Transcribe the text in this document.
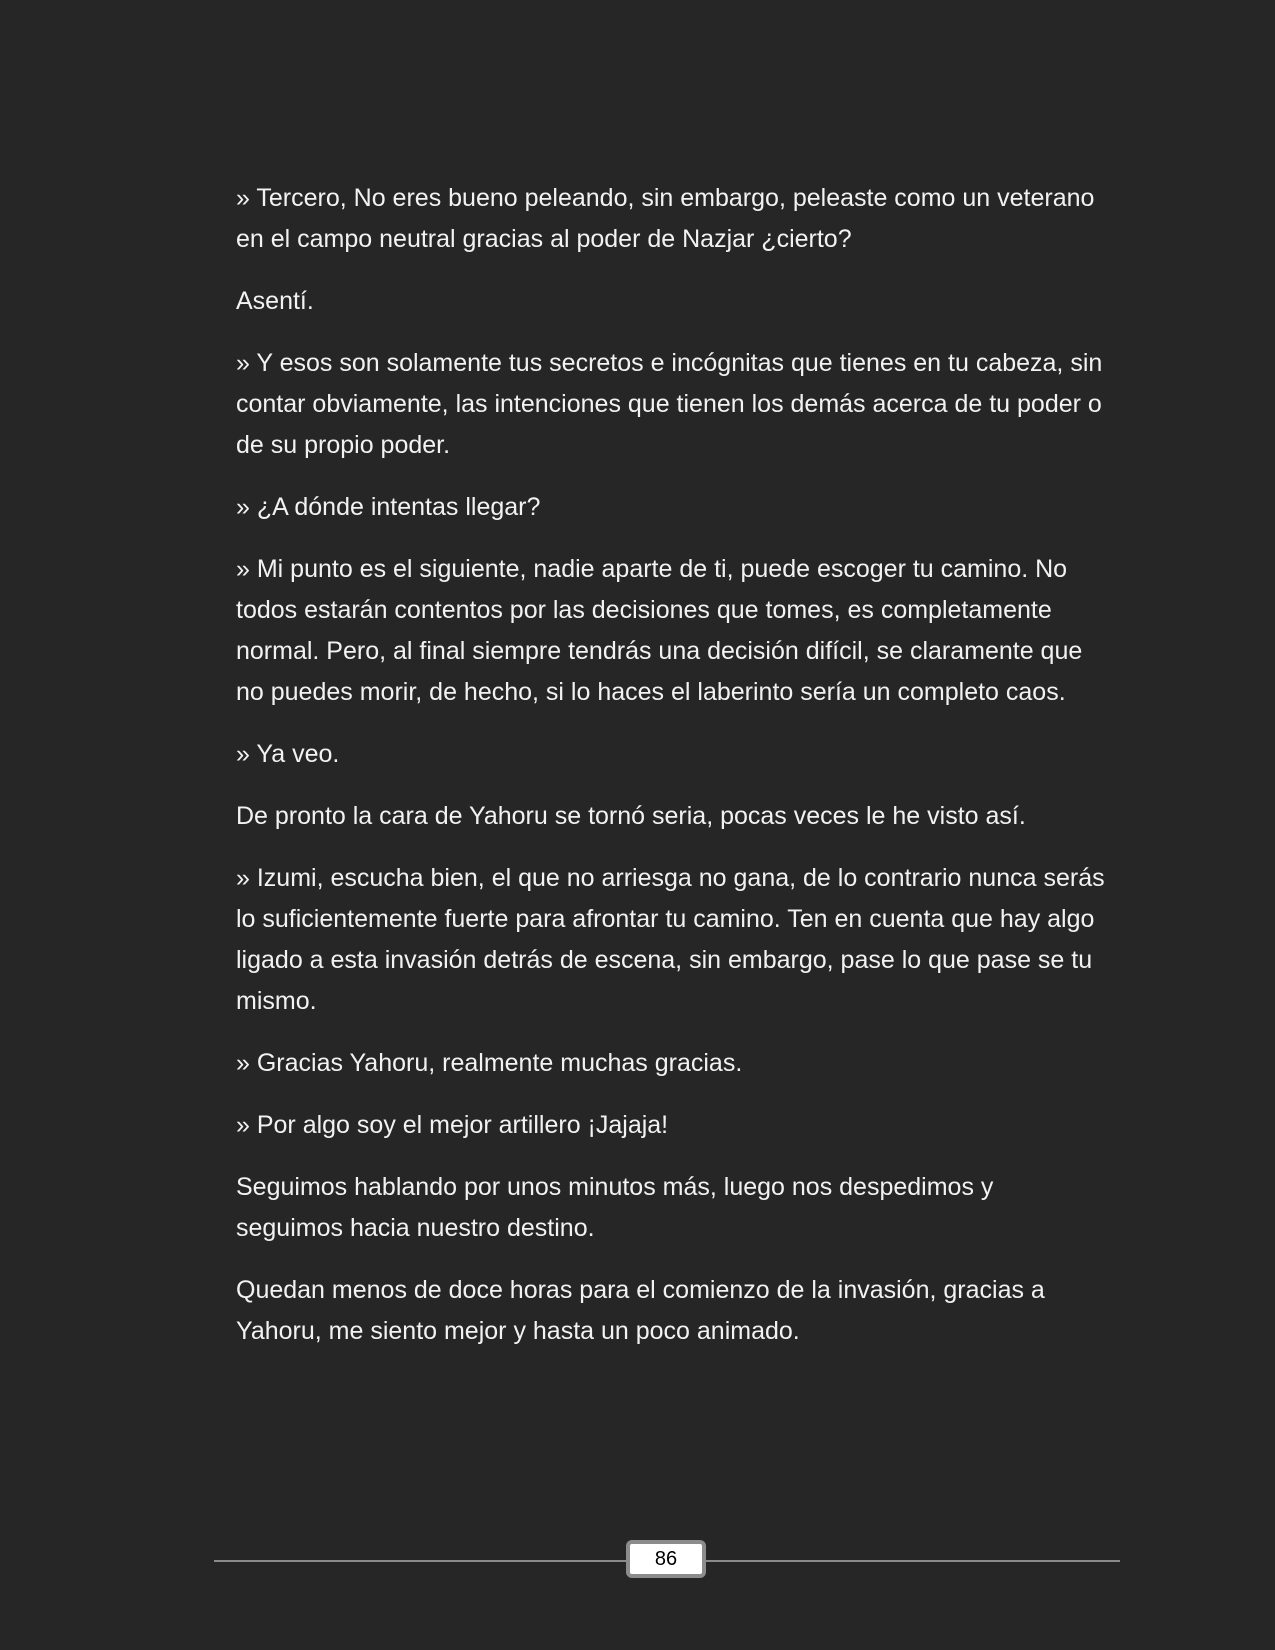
» Tercero, No eres bueno peleando, sin embargo, peleaste como un veterano en el campo neutral gracias al poder de Nazjar ¿cierto?

Asentí.

» Y esos son solamente tus secretos e incógnitas que tienes en tu cabeza, sin contar obviamente, las intenciones que tienen los demás acerca de tu poder o de su propio poder.

» ¿A dónde intentas llegar?

» Mi punto es el siguiente, nadie aparte de ti, puede escoger tu camino. No todos estarán contentos por las decisiones que tomes, es completamente normal. Pero, al final siempre tendrás una decisión difícil, se claramente que no puedes morir, de hecho, si lo haces el laberinto sería un completo caos.

» Ya veo.

De pronto la cara de Yahoru se tornó seria, pocas veces le he visto así.

» Izumi, escucha bien, el que no arriesga no gana, de lo contrario nunca serás lo suficientemente fuerte para afrontar tu camino. Ten en cuenta que hay algo ligado a esta invasión detrás de escena, sin embargo, pase lo que pase se tu mismo.

» Gracias Yahoru, realmente muchas gracias.

» Por algo soy el mejor artillero ¡Jajaja!

Seguimos hablando por unos minutos más, luego nos despedimos y seguimos hacia nuestro destino.

Quedan menos de doce horas para el comienzo de la invasión, gracias a Yahoru, me siento mejor y hasta un poco animado.

86
